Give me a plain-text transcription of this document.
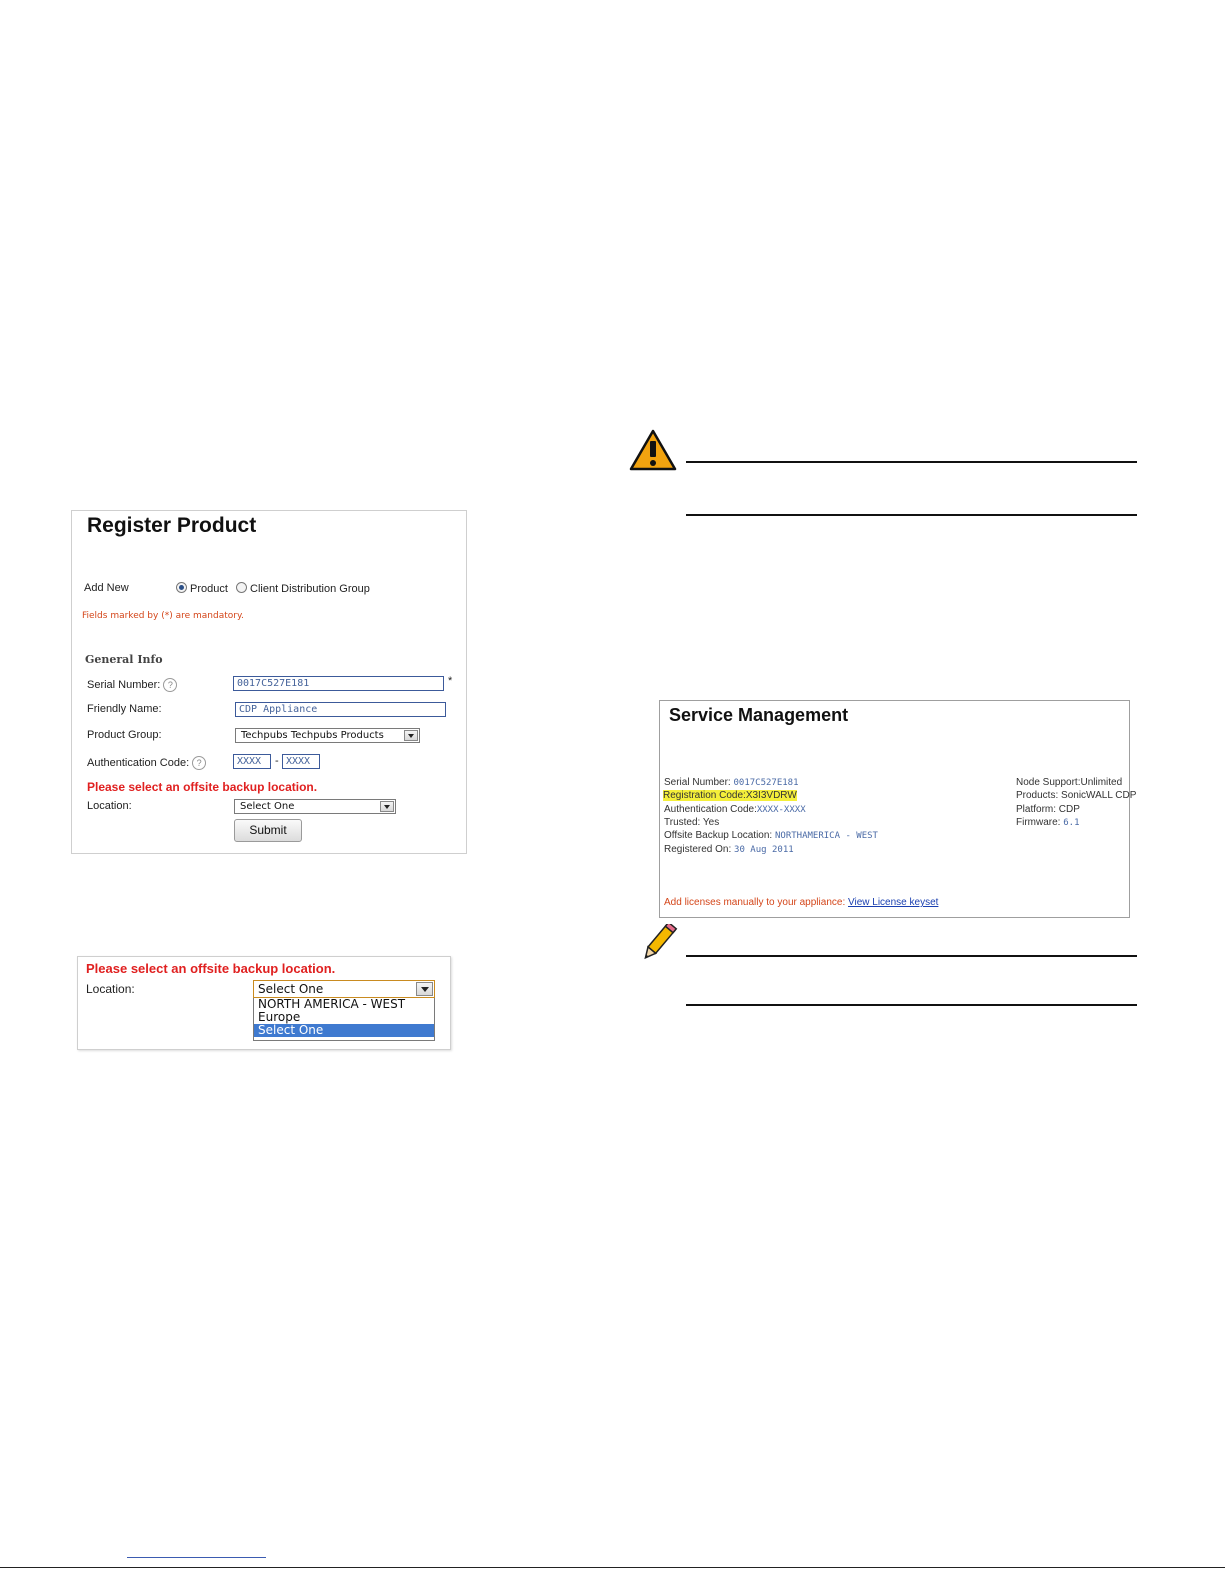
Register Product
Add New	Product	Client Distribution Group
Fields marked by (*) are mandatory.
General Info
Serial Number: ?	0017C527E181	*
Friendly Name:	CDP Appliance
Product Group:	Techpubs Techpubs Products
Authentication Code: ?	XXXX	- XXXX
Please select an offsite backup location.
Location:	Select One
Submit
Please select an offsite backup location.
Location:	Select One
NORTH AMERICA - WEST
Europe
Select One
Service Management
Serial Number: 0017C527E181
Registration Code:X3I3VDRW
Authentication Code:XXXX-XXXX
Trusted: Yes
Offsite Backup Location: NORTHAMERICA - WEST
Registered On: 30 Aug 2011
Node Support:Unlimited
Products: SonicWALL CDP
Platform: CDP
Firmware: 6.1
Add licenses manually to your appliance: View License keyset
